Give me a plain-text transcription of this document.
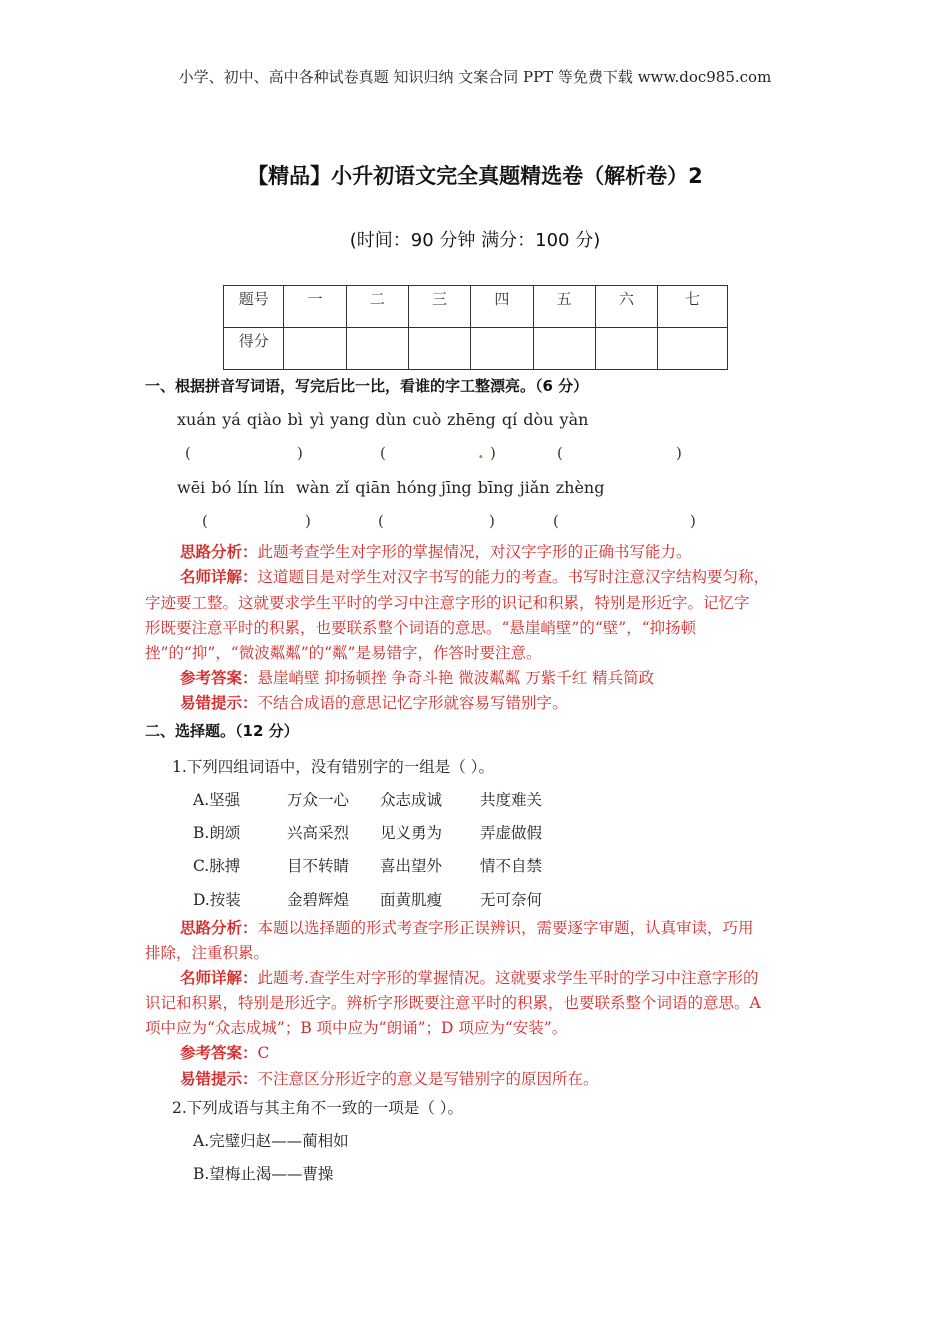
小学、初中、高中各种试卷真题 知识归纳 文案合同 PPT 等免费下载 www.doc985.com
【精品】小升初语文完全真题精选卷（解析卷）2
(时间：90 分钟 满分：100 分)
题号	一	二	三	四	五	六	七
得分							
一、根据拼音写词语，写完后比一比，看谁的字工整漂亮。（6 分）
xuán yá qiào bì yì yang dùn cuò zhēng qí dòu yàn
(	)	(	. )	(	)
wēi bó lín lín wàn zǐ qiān hóng jīng bīng jiǎn zhèng
(	)	(	)	(	)
思路分析：此题考查学生对字形的掌握情况，对汉字字形的正确书写能力。
名师详解：这道题目是对学生对汉字书写的能力的考查。书写时注意汉字结构要匀称，
字迹要工整。这就要求学生平时的学习中注意字形的识记和积累，特别是形近字。记忆字
形既要注意平时的积累，也要联系整个词语的意思。“悬崖峭壁”的“壁”，“抑扬顿
挫”的“抑”，“微波粼粼”的“粼”是易错字，作答时要注意。
参考答案：悬崖峭壁 抑扬顿挫 争奇斗艳 微波粼粼 万紫千红 精兵简政
易错提示：不结合成语的意思记忆字形就容易写错别字。
二、选择题。（12 分）
1.下列四组词语中，没有错别字的一组是（ ）。
A.坚强	万众一心 众志成诚 共度难关
B.朗颂	兴高采烈 见义勇为 弄虚做假
C.脉搏	目不转睛 喜出望外 情不自禁
D.按装	金碧辉煌 面黄肌瘦 无可奈何
思路分析：本题以选择题的形式考查字形正误辨识，需要逐字审题，认真审读，巧用
排除，注重积累。
名师详解：此题考.查学生对字形的掌握情况。这就要求学生平时的学习中注意字形的
识记和积累，特别是形近字。辨析字形既要注意平时的积累，也要联系整个词语的意思。A
项中应为“众志成城”；B 项中应为“朗诵”；D 项应为“安装”。
参考答案：C
易错提示：不注意区分形近字的意义是写错别字的原因所在。
2.下列成语与其主角不一致的一项是（ ）。
A.完璧归赵——蔺相如
B.望梅止渴——曹操
